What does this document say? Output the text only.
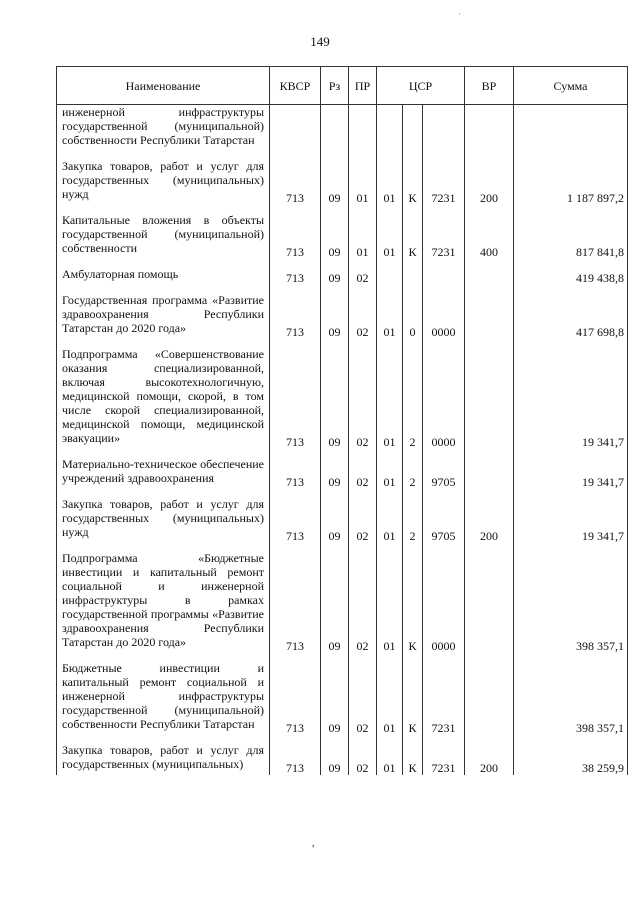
·
149
Наименование	КВСР	Рз	ПР	ЦСР			ВР	Сумма
инженерной инфраструктуры государственной (муниципальной) собственности Республики Татарстан								

Закупка товаров, работ и услуг для государственных (муниципальных) нужд	713	09	01	01	К	7231	200	1 187 897,2

Капитальные вложения в объекты государственной (муниципальной) собственности	713	09	01	01	К	7231	400	817 841,8

Амбулаторная помощь	713	09	02					419 438,8

Государственная программа «Развитие здравоохранения Республики Татарстан до 2020 года»	713	09	02	01	0	0000		417 698,8

Подпрограмма «Совершенствование оказания специализированной, включая высокотехнологичную, медицинской помощи, скорой, в том числе скорой специализированной, медицинской помощи, медицинской эвакуации»	713	09	02	01	2	0000		19 341,7

Материально-техническое обеспечение учреждений здравоохранения	713	09	02	01	2	9705		19 341,7

Закупка товаров, работ и услуг для государственных (муниципальных) нужд	713	09	02	01	2	9705	200	19 341,7

Подпрограмма «Бюджетные инвестиции и капитальный ремонт социальной и инженерной инфраструктуры в рамках государственной программы «Развитие здравоохранения Республики Татарстан до 2020 года»	713	09	02	01	К	0000		398 357,1

Бюджетные инвестиции и капитальный ремонт социальной и инженерной инфраструктуры государственной (муниципальной) собственности Республики Татарстан	713	09	02	01	К	7231		398 357,1

Закупка товаров, работ и услуг для государственных (муниципальных)	713	09	02	01	К	7231	200	38 259,9
,
